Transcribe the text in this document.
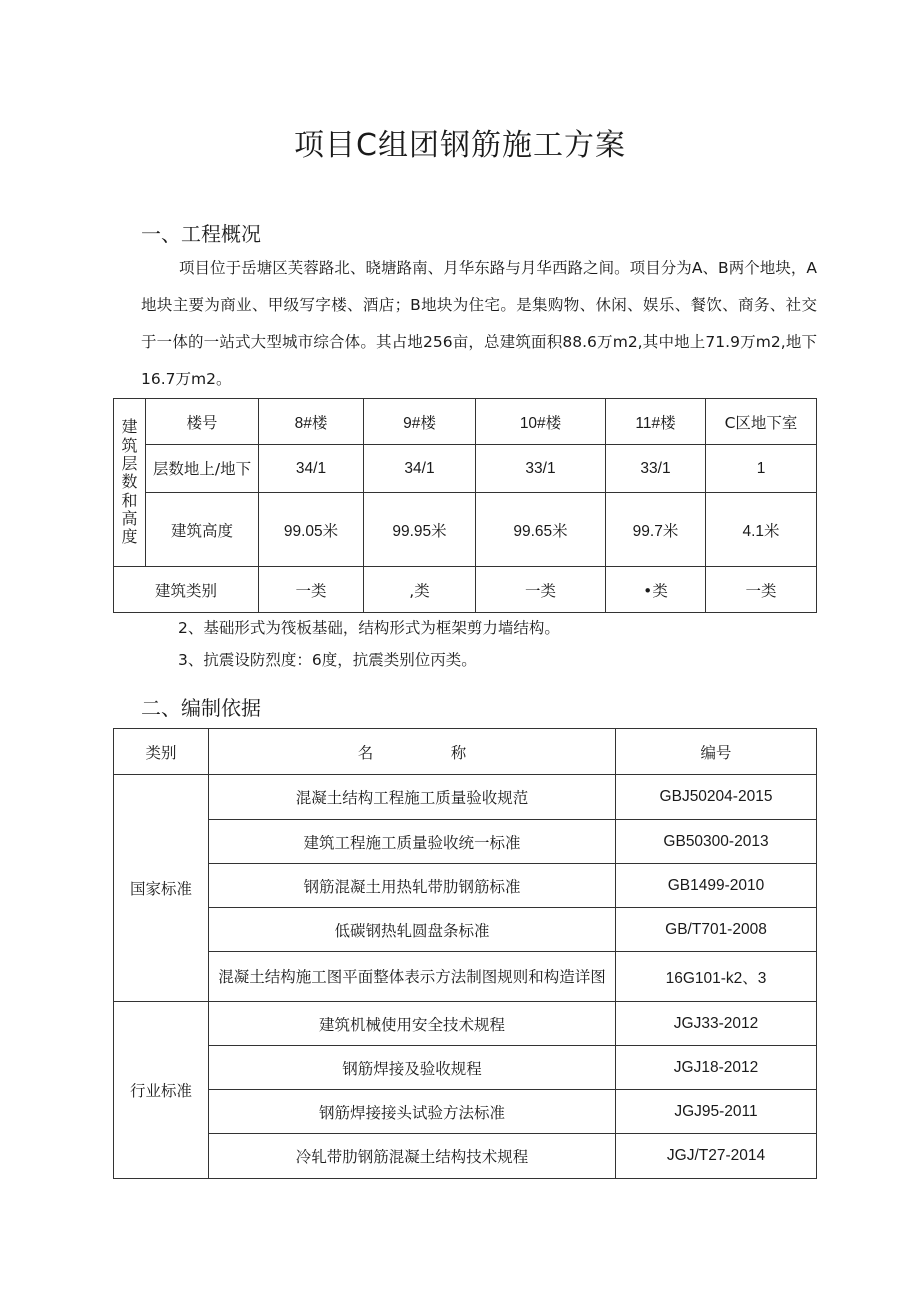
项目C组团钢筋施工方案
一、工程概况

项目位于岳塘区芙蓉路北、晓塘路南、月华东路与月华西路之间。项目分为A、B两个地块，A地块主要为商业、甲级写字楼、酒店；B地块为住宅。是集购物、休闲、娱乐、餐饮、商务、社交于一体的一站式大型城市综合体。其占地256亩，总建筑面积88.6万m2,其中地上71.9万m2,地下16.7万m2。

建筑层数和高度	楼号	8#楼	9#楼	10#楼	11#楼	C区地下室
	层数地上/地下	34/1	34/1	33/1	33/1	1
	建筑高度	99.05米	99.95米	99.65米	99.7米	4.1米
建筑类别		一类	,类	一类	•类	一类

2、基础形式为筏板基础，结构形式为框架剪力墙结构。

3、抗震设防烈度：6度，抗震类别位丙类。

二、编制依据
类别	名　　　　　称	编号
国家标准	混凝土结构工程施工质量验收规范	GBJ50204-2015
	建筑工程施工质量验收统一标准	GB50300-2013
	钢筋混凝土用热轧带肋钢筋标准	GB1499-2010
	低碳钢热轧圆盘条标准	GB/T701-2008
	混凝土结构施工图平面整体表示方法制图规则和构造详图	16G101-k2、3
行业标准	建筑机械使用安全技术规程	JGJ33-2012
	钢筋焊接及验收规程	JGJ18-2012
	钢筋焊接接头试验方法标准	JGJ95-2011
	冷轧带肋钢筋混凝土结构技术规程	JGJ/T27-2014
